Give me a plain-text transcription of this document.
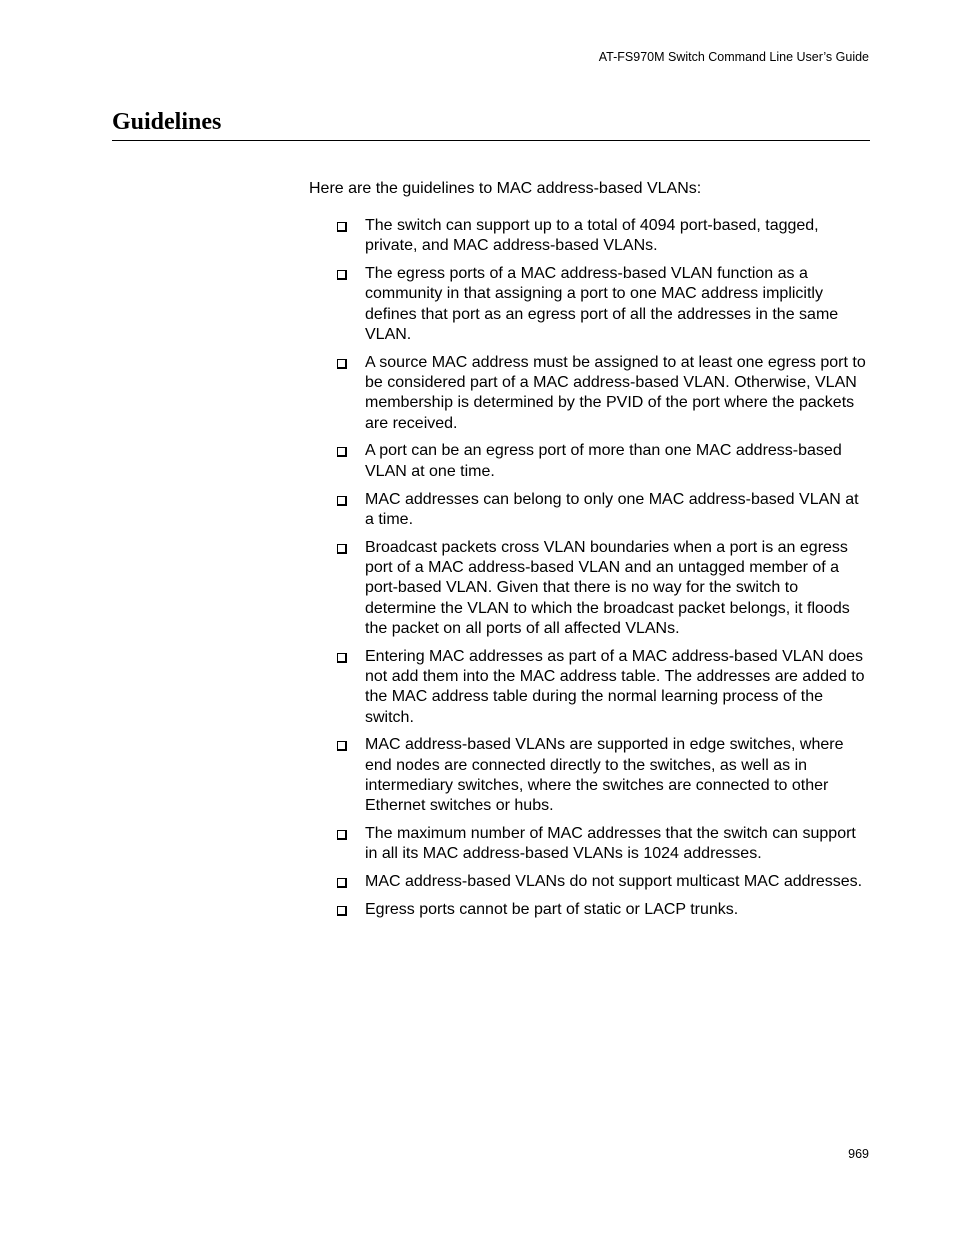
AT-FS970M Switch Command Line User’s Guide
Guidelines

Here are the guidelines to MAC address-based VLANs:

The switch can support up to a total of 4094 port-based, tagged, private, and MAC address-based VLANs.
The egress ports of a MAC address-based VLAN function as a community in that assigning a port to one MAC address implicitly defines that port as an egress port of all the addresses in the same VLAN.
A source MAC address must be assigned to at least one egress port to be considered part of a MAC address-based VLAN. Otherwise, VLAN membership is determined by the PVID of the port where the packets are received.
A port can be an egress port of more than one MAC address-based VLAN at one time.
MAC addresses can belong to only one MAC address-based VLAN at a time.
Broadcast packets cross VLAN boundaries when a port is an egress port of a MAC address-based VLAN and an untagged member of a port-based VLAN. Given that there is no way for the switch to determine the VLAN to which the broadcast packet belongs, it floods the packet on all ports of all affected VLANs.
Entering MAC addresses as part of a MAC address-based VLAN does not add them into the MAC address table. The addresses are added to the MAC address table during the normal learning process of the switch.
MAC address-based VLANs are supported in edge switches, where end nodes are connected directly to the switches, as well as in intermediary switches, where the switches are connected to other Ethernet switches or hubs.
The maximum number of MAC addresses that the switch can support in all its MAC address-based VLANs is 1024 addresses.
MAC address-based VLANs do not support multicast MAC addresses.
Egress ports cannot be part of static or LACP trunks.
969
